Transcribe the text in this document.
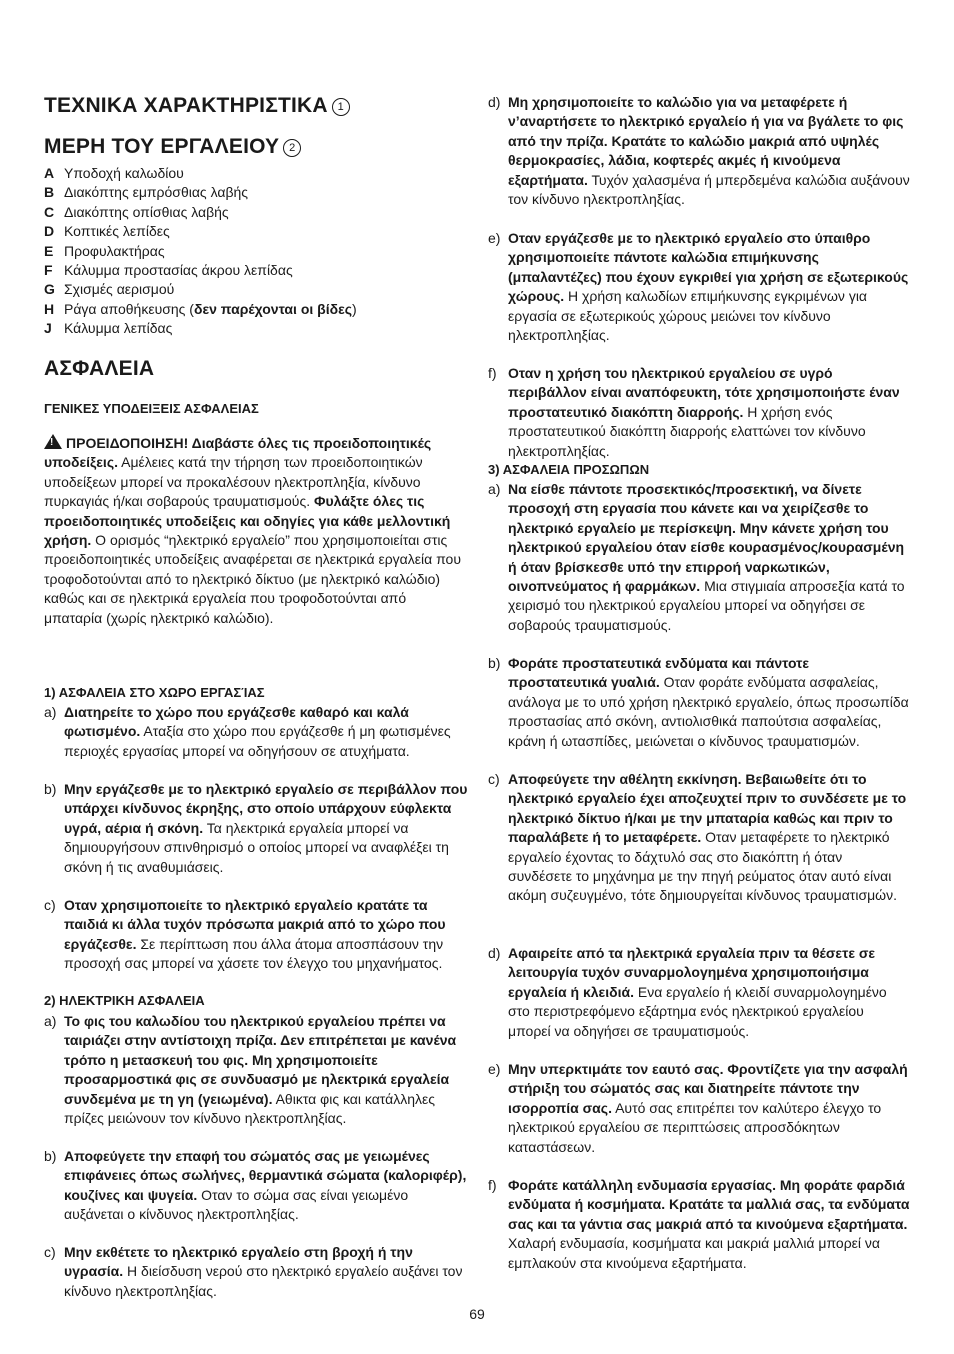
ΤΕΧΝΙΚΑ ΧΑΡΑΚΤΗΡΙΣΤΙΚΑ 1
ΜΕΡΗ ΤΟΥ ΕΡΓΑΛΕΙΟΥ 2
A Υποδοχή καλωδίου
B Διακόπτης εμπρόσθιας λαβής
C Διακόπτης οπίσθιας λαβής
D Κοπτικές λεπίδες
E Προφυλακτήρας
F Κάλυμμα προστασίας άκρου λεπίδας
G Σχισμές αερισμού
H Ράγα αποθήκευσης (δεν παρέχονται οι βίδες)
J Κάλυμμα λεπίδας
ΑΣΦΑΛΕΙΑ
ΓΕΝΙΚΕΣ ΥΠΟΔΕΙΞΕΙΣ ΑΣΦΑΛΕΙΑΣ
!ΠΡΟΕΙΔΟΠΟΙΗΣΗ! Διαβάστε όλες τις προειδοποιητικές υποδείξεις. Αμέλειες κατά την τήρηση των προειδοποιητικών υποδείξεων μπορεί να προκαλέσουν ηλεκτροπληξία, κίνδυνο πυρκαγιάς ή/και σοβαρούς τραυματισμούς. Φυλάξτε όλες τις προειδοποιητικές υποδείξεις και οδηγίες για κάθε μελλοντική χρήση. Ο ορισμός “ηλεκτρικό εργαλείο” που χρησιμοποιείται στις προειδοποιητικές υποδείξεις αναφέρεται σε ηλεκτρικά εργαλεία που τροφοδοτούνται από το ηλεκτρικό δίκτυο (με ηλεκτρικό καλώδιο) καθώς και σε ηλεκτρικά εργαλεία που τροφοδοτούνται από μπαταρία (χωρίς ηλεκτρικό καλώδιο).
1) ΑΣΦΑΛΕΙΑ ΣΤΟ ΧΩΡΟ ΕΡΓΑΣΊΑΣ
a) Διατηρείτε το χώρο που εργάζεσθε καθαρό και καλά φωτισμένο. Αταξία στο χώρο που εργάζεσθε ή μη φωτισμένες περιοχές εργασίας μπορεί να οδηγήσουν σε ατυχήματα.
b) Μην εργάζεσθε με το ηλεκτρικό εργαλείο σε περιβάλλον που υπάρχει κίνδυνος έκρηξης, στο οποίο υπάρχουν εύφλεκτα υγρά, αέρια ή σκόνη. Τα ηλεκτρικά εργαλεία μπορεί να δημιουργήσουν σπινθηρισμό ο οποίος μπορεί να αναφλέξει τη σκόνη ή τις αναθυμιάσεις.
c) Οταν χρησιμοποιείτε το ηλεκτρικό εργαλείο κρατάτε τα παιδιά κι άλλα τυχόν πρόσωπα μακριά από το χώρο που εργάζεσθε. Σε περίπτωση που άλλα άτομα αποσπάσουν την προσοχή σας μπορεί να χάσετε τον έλεγχο του μηχανήματος.
2) ΗΛΕΚΤΡΙΚΗ ΑΣΦΑΛΕΙΑ
a) Το φις του καλωδίου του ηλεκτρικού εργαλείου πρέπει να ταιριάζει στην αντίστοιχη πρίζα. Δεν επιτρέπεται με κανένα τρόπο η μετασκευή του φις. Μη χρησιμοποιείτε προσαρμοστικά φις σε συνδυασμό με ηλεκτρικά εργαλεία συνδεμένα με τη γη (γειωμένα). Αθικτα φις και κατάλληλες πρίζες μειώνουν τον κίνδυνο ηλεκτροπληξίας.
b) Αποφεύγετε την επαφή του σώματός σας με γειωμένες επιφάνειες όπως σωλήνες, θερμαντικά σώματα (καλοριφέρ), κουζίνες και ψυγεία. Οταν το σώμα σας είναι γειωμένο αυξάνεται ο κίνδυνος ηλεκτροπληξίας.
c) Μην εκθέτετε το ηλεκτρικό εργαλείο στη βροχή ή την υγρασία. Η διείσδυση νερού στο ηλεκτρικό εργαλείο αυξάνει τον κίνδυνο ηλεκτροπληξίας.
d) Μη χρησιμοποιείτε το καλώδιο για να μεταφέρετε ή ν’αναρτήσετε το ηλεκτρικό εργαλείο ή για να βγάλετε το φις από την πρίζα. Κρατάτε το καλώδιο μακριά από υψηλές θερμοκρασίες, λάδια, κοφτερές ακμές ή κινούμενα εξαρτήματα. Τυχόν χαλασμένα ή μπερδεμένα καλώδια αυξάνουν τον κίνδυνο ηλεκτροπληξίας.
e) Οταν εργάζεσθε με το ηλεκτρικό εργαλείο στο ύπαιθρο χρησιμοποιείτε πάντοτε καλώδια επιμήκυνσης (μπαλαντέζες) που έχουν εγκριθεί για χρήση σε εξωτερικούς χώρους. Η χρήση καλωδίων επιμήκυνσης εγκριμένων για εργασία σε εξωτερικούς χώρους μειώνει τον κίνδυνο ηλεκτροπληξίας.
f) Οταν η χρήση του ηλεκτρικού εργαλείου σε υγρό περιβάλλον είναι αναπόφευκτη, τότε χρησιμοποιήστε έναν προστατευτικό διακόπτη διαρροής. Η χρήση ενός προστατευτικού διακόπτη διαρροής ελαττώνει τον κίνδυνο ηλεκτροπληξίας.
3) ΑΣΦΑΛΕΙΑ ΠΡΟΣΩΠΩΝ
a) Να είσθε πάντοτε προσεκτικός/προσεκτική, να δίνετε προσοχή στη εργασία που κάνετε και να χειρίζεσθε το ηλεκτρικό εργαλείο με περίσκεψη. Μην κάνετε χρήση του ηλεκτρικού εργαλείου όταν είσθε κουρασμένος/κουρασμένη ή όταν βρίσκεσθε υπό την επιρροή ναρκωτικών, οινοπνεύματος ή φαρμάκων. Μια στιγμιαία απροσεξία κατά το χειρισμό του ηλεκτρικού εργαλείου μπορεί να οδηγήσει σε σοβαρούς τραυματισμούς.
b) Φοράτε προστατευτικά ενδύματα και πάντοτε προστατευτικά γυαλιά. Οταν φοράτε ενδύματα ασφαλείας, ανάλογα με το υπό χρήση ηλεκτρικό εργαλείο, όπως προσωπίδα προστασίας από σκόνη, αντιολισθικά παπούτσια ασφαλείας, κράνη ή ωτασπίδες, μειώνεται ο κίνδυνος τραυματισμών.
c) Αποφεύγετε την αθέλητη εκκίνηση. Βεβαιωθείτε ότι το ηλεκτρικό εργαλείο έχει αποζευχτεί πριν το συνδέσετε με το ηλεκτρικό δίκτυο ή/και με την μπαταρία καθώς και πριν το παραλάβετε ή το μεταφέρετε. Οταν μεταφέρετε το ηλεκτρικό εργαλείο έχοντας το δάχτυλό σας στο διακόπτη ή όταν συνδέσετε το μηχάνημα με την πηγή ρεύματος όταν αυτό είναι ακόμη συζευγμένο, τότε δημιουργείται κίνδυνος τραυματισμών.
d) Αφαιρείτε από τα ηλεκτρικά εργαλεία πριν τα θέσετε σε λειτουργία τυχόν συναρμολογημένα χρησιμοποιήσιμα εργαλεία ή κλειδιά. Ενα εργαλείο ή κλειδί συναρμολογημένο στο περιστρεφόμενο εξάρτημα ενός ηλεκτρικού εργαλείου μπορεί να οδηγήσει σε τραυματισμούς.
e) Μην υπερκτιμάτε τον εαυτό σας. Φροντίζετε για την ασφαλή στήριξη του σώματός σας και διατηρείτε πάντοτε την ισορροπία σας. Αυτό σας επιτρέπει τον καλύτερο έλεγχο το ηλεκτρικού εργαλείου σε περιπτώσεις απροσδόκητων καταστάσεων.
f) Φοράτε κατάλληλη ενδυμασία εργασίας. Μη φοράτε φαρδιά ενδύματα ή κοσμήματα. Κρατάτε τα μαλλιά σας, τα ενδύματα σας και τα γάντια σας μακριά από τα κινούμενα εξαρτήματα. Χαλαρή ενδυμασία, κοσμήματα και μακριά μαλλιά μπορεί να εμπλακούν στα κινούμενα εξαρτήματα.
69
